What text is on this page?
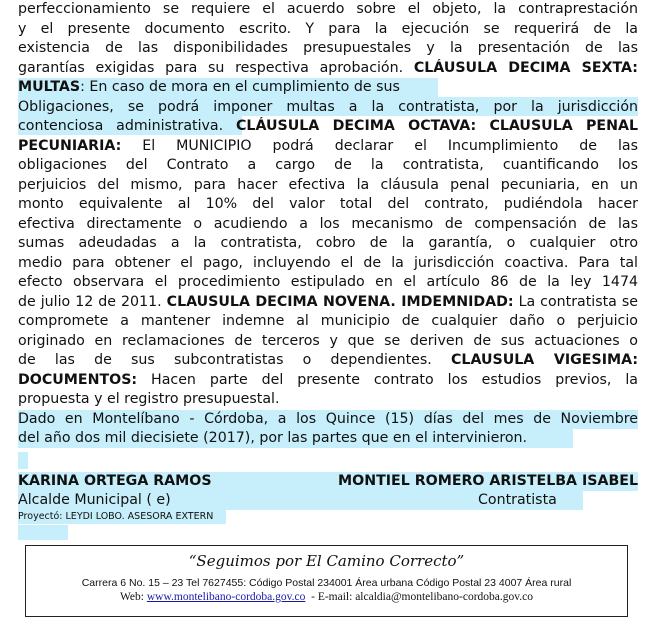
perfeccionamiento se requiere el acuerdo sobre el objeto, la contraprestación
y el presente documento escrito. Y para la ejecución se requerirá de la
existencia de las disponibilidades presupuestales y la presentación de las
garantías exigidas para su respectiva aprobación. CLÁUSULA DECIMA SEXTA:
MULTAS: En caso de mora en el cumplimiento de sus
Obligaciones, se podrá imponer multas a la contratista, por la jurisdicción
contenciosa administrativa. CLÁUSULA DECIMA OCTAVA: CLAUSULA PENAL
PECUNIARIA: El MUNICIPIO podrá declarar el Incumplimiento de las
obligaciones del Contrato a cargo de la contratista, cuantificando los
perjuicios del mismo, para hacer efectiva la cláusula penal pecuniaria, en un
monto equivalente al 10% del valor total del contrato, pudiéndola hacer
efectiva directamente o acudiendo a los mecanismo de compensación de las
sumas adeudadas a la contratista, cobro de la garantía, o cualquier otro
medio para obtener el pago, incluyendo el de la jurisdicción coactiva. Para tal
efecto observara el procedimiento estipulado en el artículo 86 de la ley 1474
de julio 12 de 2011. CLAUSULA DECIMA NOVENA. IMDEMNIDAD: La contratista se
compromete a mantener indemne al municipio de cualquier daño o perjuicio
originado en reclamaciones de terceros y que se deriven de sus actuaciones o
de las de sus subcontratistas o dependientes. CLAUSULA VIGESIMA:
DOCUMENTOS: Hacen parte del presente contrato los estudios previos, la
propuesta y el registro presupuestal.
Dado en Montelíbano - Córdoba, a los Quince (15) días del mes de Noviembre
del año dos mil diecisiete (2017), por las partes que en el intervinieron.
KARINA ORTEGA RAMOS	MONTIEL ROMERO ARISTELBA ISABEL
Alcalde Municipal ( e)	Contratista
Proyectó: LEYDI LOBO. ASESORA EXTERN
“Seguimos por El Camino Correcto”
Carrera 6 No. 15 – 23 Tel 7627455: Código Postal 234001 Área urbana Código Postal 23 4007 Área rural
Web: www.montelibano-cordoba.gov.co  - E-mail: alcaldia@montelibano-cordoba.gov.co
